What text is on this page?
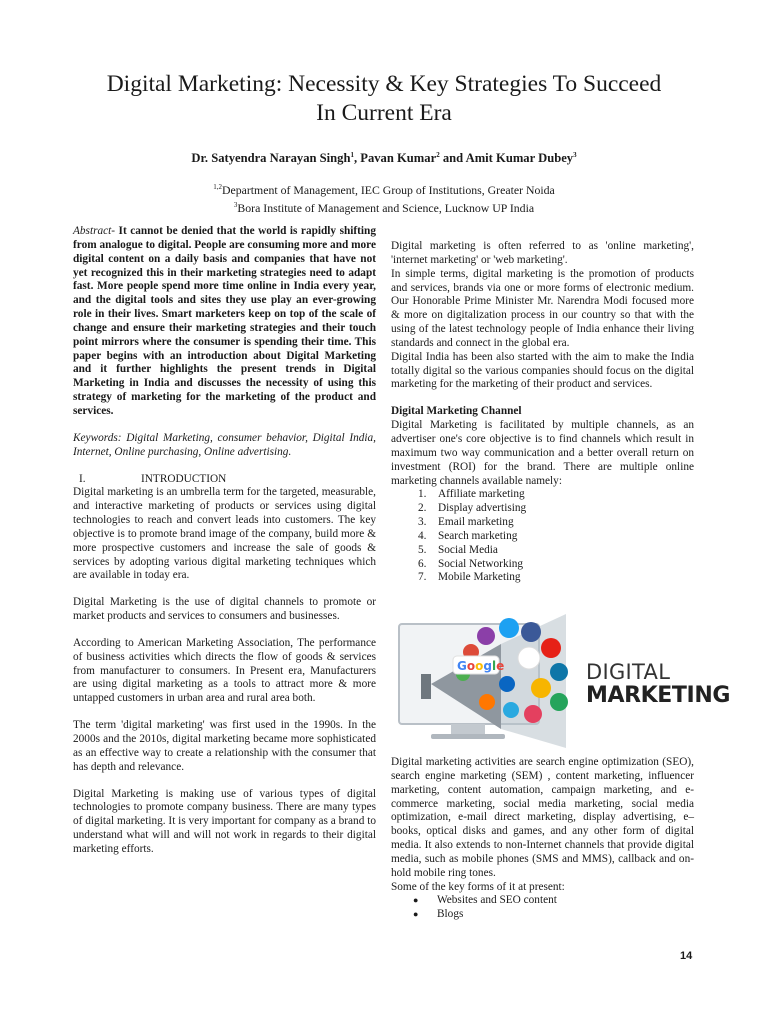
Digital Marketing: Necessity & Key Strategies To Succeed
In Current Era
Dr. Satyendra Narayan Singh$^1$, Pavan Kumar$^2$ and Amit Kumar Dubey$^3$
$^{1,2}$Department of Management, IEC Group of Institutions, Greater Noida
$^3$Bora Institute of Management and Science, Lucknow UP India

Abstract- It cannot be denied that the world is rapidly shifting from analogue to digital. People are consuming more and more digital content on a daily basis and companies that have not yet recognized this in their marketing strategies need to adapt fast. More people spend more time online in India every year, and the digital tools and sites they use play an ever-growing role in their lives. Smart marketers keep on top of the scale of change and ensure their marketing strategies and their touch point mirrors where the consumer is spending their time. This paper begins with an introduction about Digital Marketing and it further highlights the present trends in Digital Marketing in India and discusses the necessity of using this strategy of marketing for the marketing of the product and services.

Keywords: Digital Marketing, consumer behavior, Digital India, Internet, Online purchasing, Online advertising.

I.	INTRODUCTION

Digital marketing is an umbrella term for the targeted, measurable, and interactive marketing of products or services using digital technologies to reach and convert leads into customers. The key objective is to promote brand image of the company, build more & more prospective customers and increase the sale of goods & services by adopting various digital marketing techniques which are available in today era.

Digital Marketing is the use of digital channels to promote or market products and services to consumers and businesses.

According to American Marketing Association, The performance of business activities which directs the flow of goods & services from manufacturer to consumers. In Present era, Manufacturers are using digital marketing as a tools to attract more & more untapped customers in urban area and rural area both.

The term 'digital marketing' was first used in the 1990s. In the 2000s and the 2010s, digital marketing became more sophisticated as an effective way to create a relationship with the consumer that has depth and relevance.

Digital Marketing is making use of various types of digital technologies to promote company business. There are many types of digital marketing. It is very important for company as a brand to understand what will and will not work in regards to their digital marketing efforts.

Digital marketing is often referred to as 'online marketing', 'internet marketing' or 'web marketing'.

In simple terms, digital marketing is the promotion of products and services, brands via one or more forms of electronic medium. Our Honorable Prime Minister Mr. Narendra Modi focused more & more on digitalization process in our country so that with the using of the latest technology people of India enhance their living standards and connect in the global era.

Digital India has been also started with the aim to make the India totally digital so the various companies should focus on the digital marketing for the marketing of their product and services.

Digital Marketing Channel

Digital Marketing is facilitated by multiple channels, as an advertiser one's core objective is to find channels which result in maximum two way communication and a better overall return on investment (ROI) for the brand. There are multiple online marketing channels available namely:

1.	Affiliate marketing
2.	Display advertising
3.	Email marketing
4.	Search marketing
5.	Social Media
6.	Social Networking
7.	Mobile Marketing
Google	DIGITAL
MARKETING

Digital marketing activities are search engine optimization (SEO), search engine marketing (SEM) , content marketing, influencer marketing, content automation, campaign marketing, and e-commerce marketing, social media marketing, social media optimization, e-mail direct marketing, display advertising, e–books, optical disks and games, and any other form of digital media. It also extends to non-Internet channels that provide digital media, such as mobile phones (SMS and MMS), callback and on-hold mobile ring tones.

Some of the key forms of it at present:

● Websites and SEO content
● Blogs
14
